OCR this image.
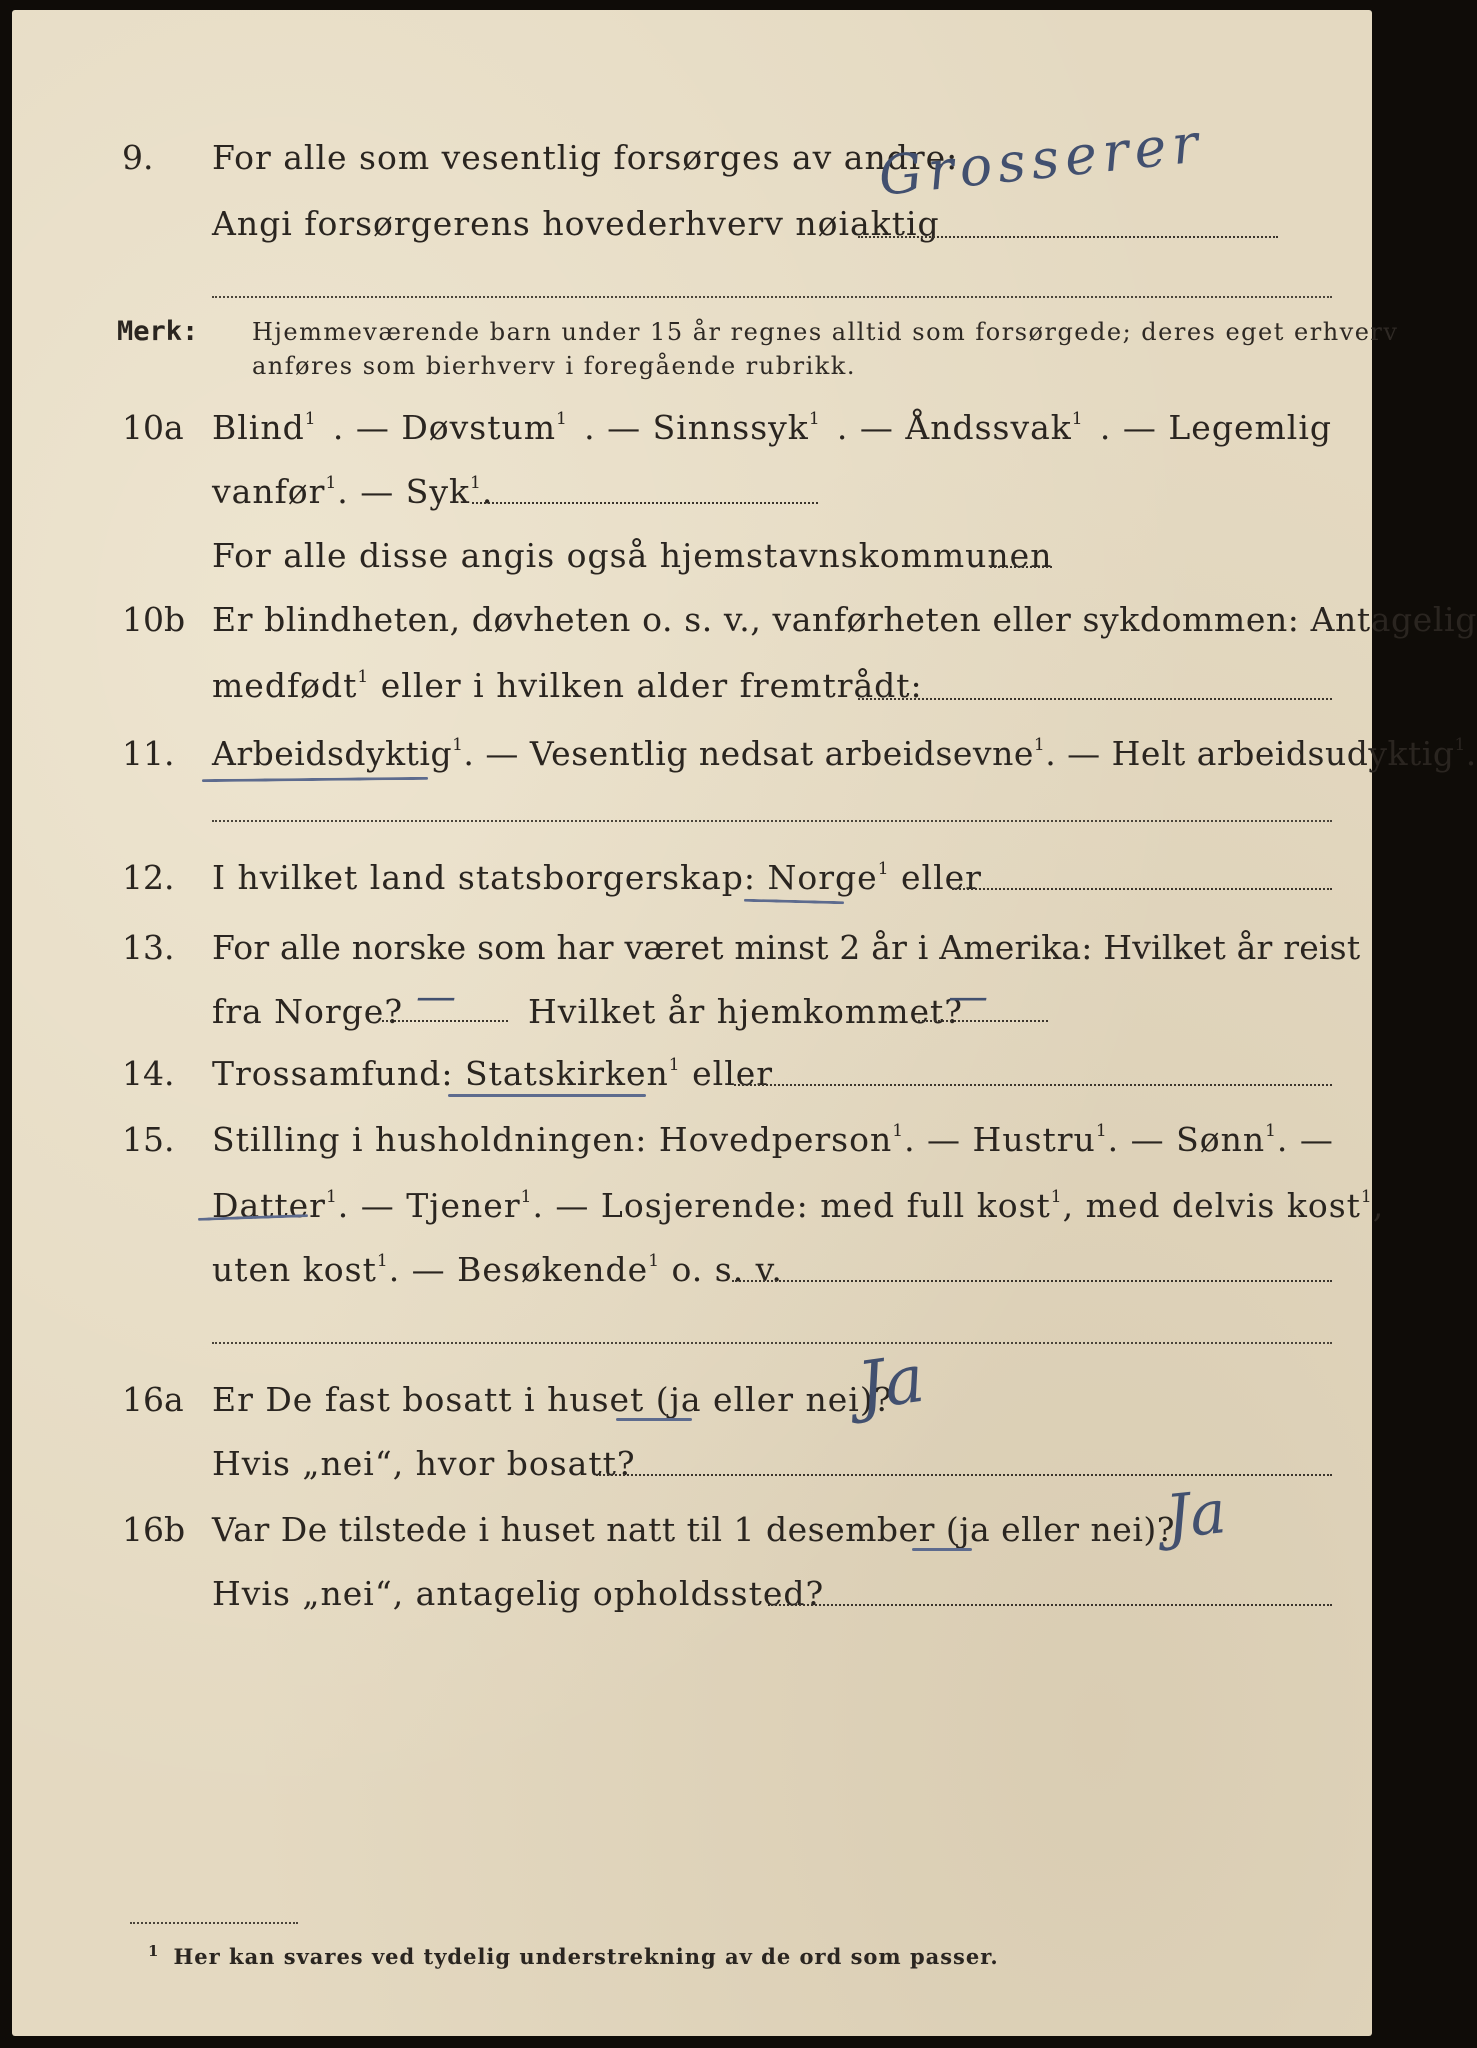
9. For alle som vesentlig forsørges av andre:
Grosserer
Angi forsørgerens hovederhverv nøiaktig
Merk: Hjemmeværende barn under 15 år regnes alltid som forsørgede; deres eget erhverv
anføres som bierhverv i foregående rubrikk.
10a Blind$^1$ . — Døvstum$^1$ . — Sinnssyk$^1$ . — Åndssvak$^1$ . — Legemlig
vanfør$^1$. — Syk$^1$.
For alle disse angis også hjemstavnskommunen
10b Er blindheten, døvheten o. s. v., vanførheten eller sykdommen: Antagelig
medfødt$^1$ eller i hvilken alder fremtrådt:
11. Arbeidsdyktig$^1$. — Vesentlig nedsat arbeidsevne$^1$. — Helt arbeidsudyktig$^1$.
12. I hvilket land statsborgerskap: Norge$^1$ eller
13. For alle norske som har været minst 2 år i Amerika: Hvilket år reist
fra Norge? — Hvilket år hjemkommet?
—
14. Trossamfund: Statskirken$^1$ eller
15. Stilling i husholdningen: Hovedperson$^1$ . — Hustru$^1$ . — Sønn$^1$ . —
Datter$^1$ . — Tjener$^1$ . — Losjerende: med full kost$^1$ , med delvis kost$^1$,
uten kost$^1$. — Besøkende$^1$ o. s. v.
16a Er De fast bosatt i huset (ja eller nei)?
Ja
Hvis „nei“, hvor bosatt?
16b Var De tilstede i huset natt til 1 desember (ja eller nei)?
Ja
Hvis „nei“, antagelig opholdssted?
$^1$ Her kan svares ved tydelig understrekning av de ord som passer.
